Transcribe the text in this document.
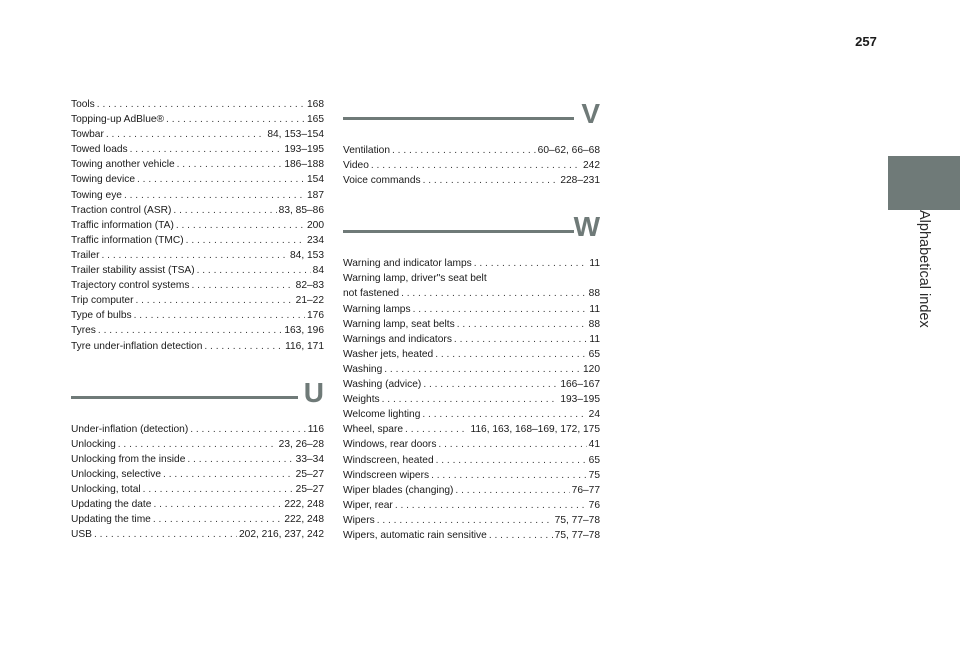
257
Alphabetical index
Tools . . .	168
Topping-up AdBlue® . . .	165
Towbar . . .	84, 153–154
Towed loads . . .	193–195
Towing another vehicle . . .	186–188
Towing device . . .	154
Towing eye . . .	187
Traction control (ASR) . . .	83, 85–86
Traffic information (TA) . . .	200
Traffic information (TMC) . . .	234
Trailer . . .	84, 153
Trailer stability assist (TSA) . . .	84
Trajectory control systems . . .	82–83
Trip computer . . .	21–22
Type of bulbs . . .	176
Tyres . . .	163, 196
Tyre under-inflation detection . . .	116, 171
U
Under-inflation (detection) . . .	116
Unlocking . . .	23, 26–28
Unlocking from the inside . . .	33–34
Unlocking, selective . . .	25–27
Unlocking, total . . .	25–27
Updating the date . . .	222, 248
Updating the time . . .	222, 248
USB . . .	202, 216, 237, 242
V
Ventilation . . .	60–62, 66–68
Video . . .	242
Voice commands . . .	228–231
W
Warning and indicator lamps . . .	11
Warning lamp, driver"s seat belt
not fastened . . .	88
Warning lamps . . .	11
Warning lamp, seat belts . . .	88
Warnings and indicators . . .	11
Washer jets, heated . . .	65
Washing . . .	120
Washing (advice) . . .	166–167
Weights . . .	193–195
Welcome lighting . . .	24
Wheel, spare . . .	116, 163, 168–169, 172, 175
Windows, rear doors . . .	41
Windscreen, heated . . .	65
Windscreen wipers . . .	75
Wiper blades (changing) . . .	76–77
Wiper, rear . . .	76
Wipers . . .	75, 77–78
Wipers, automatic rain sensitive . . .	75, 77–78
